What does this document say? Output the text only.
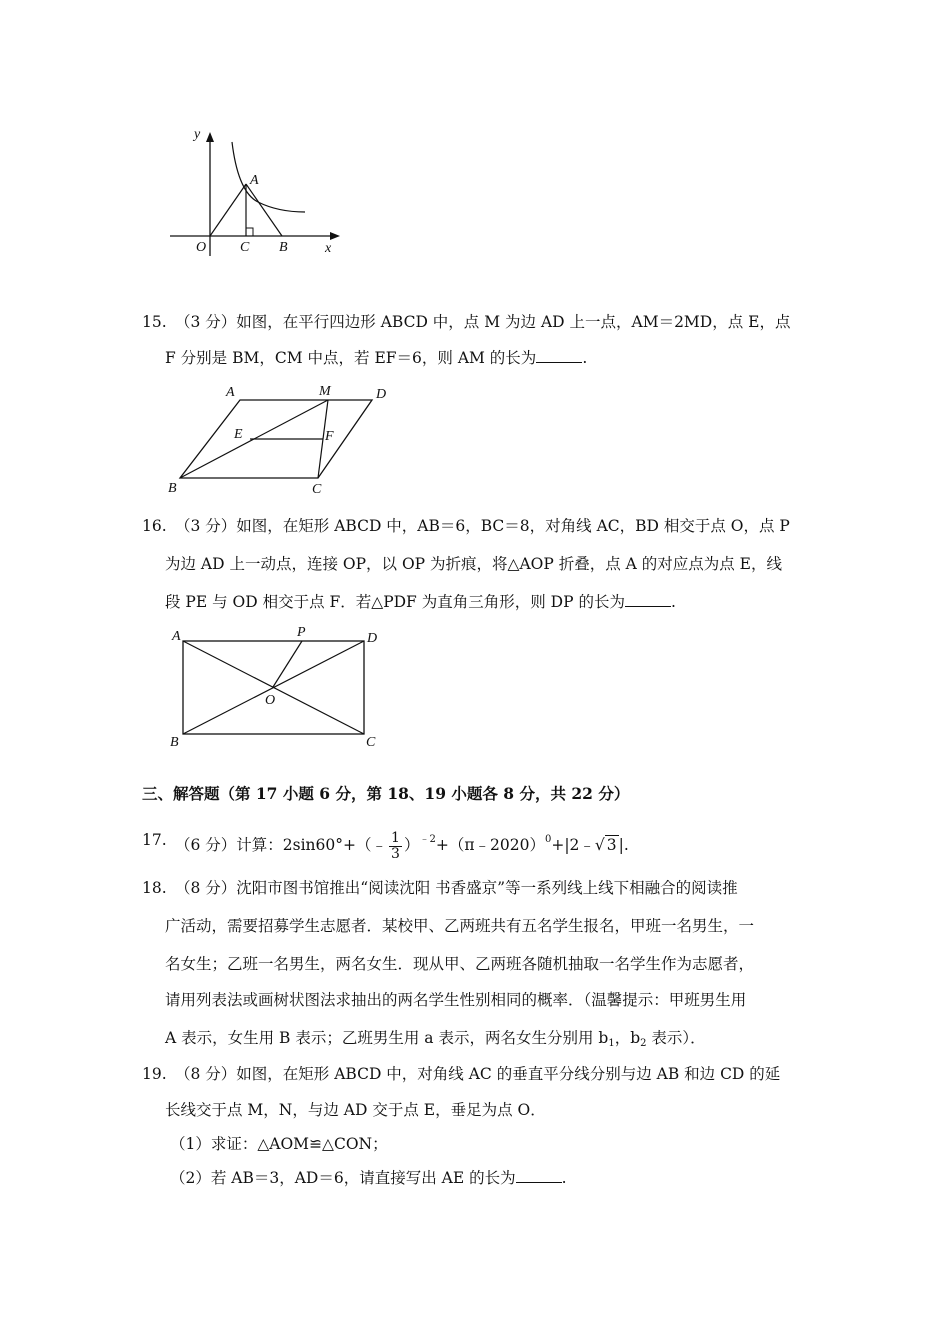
y
x
O
A
C B
15. （3 分）如图，在平行四边形 ABCD 中，点 M 为边 AD 上一点，AM＝2MD，点 E，点
F 分别是 BM，CM 中点，若 EF＝6，则 AM 的长为	.
A	M	D
E	F
B	C
16. （3 分）如图，在矩形 ABCD 中，AB＝6，BC＝8，对角线 AC，BD 相交于点 O，点 P
为边 AD 上一动点，连接 OP，以 OP 为折痕，将△AOP 折叠，点 A 的对应点为点 E，线
段 PE 与 OD 相交于点 F．若△PDF 为直角三角形，则 DP 的长为	.
A	P	D
O
B	C
三、解答题（第 17 小题 6 分，第 18、19 小题各 8 分，共 22 分）
17. （6 分）计算：2sin60°+（﹣ $\frac{1}{3}$ ）$^{﹣2}$+（π﹣2020）$^0$+|2﹣√ 3 |.
18. （8 分）沈阳市图书馆推出“阅读沈阳 书香盛京”等一系列线上线下相融合的阅读推
广活动，需要招募学生志愿者．某校甲、乙两班共有五名学生报名，甲班一名男生，一
名女生；乙班一名男生，两名女生．现从甲、乙两班各随机抽取一名学生作为志愿者，
请用列表法或画树状图法求抽出的两名学生性别相同的概率．（温馨提示：甲班男生用
A 表示，女生用 B 表示；乙班男生用 a 表示，两名女生分别用 $b_1$，$b_2$ 表示）．
19. （8 分）如图，在矩形 ABCD 中，对角线 AC 的垂直平分线分别与边 AB 和边 CD 的延
长线交于点 M，N，与边 AD 交于点 E，垂足为点 O．
（1）求证：△AOM≌△CON；
（2）若 AB＝3，AD＝6，请直接写出 AE 的长为	.
